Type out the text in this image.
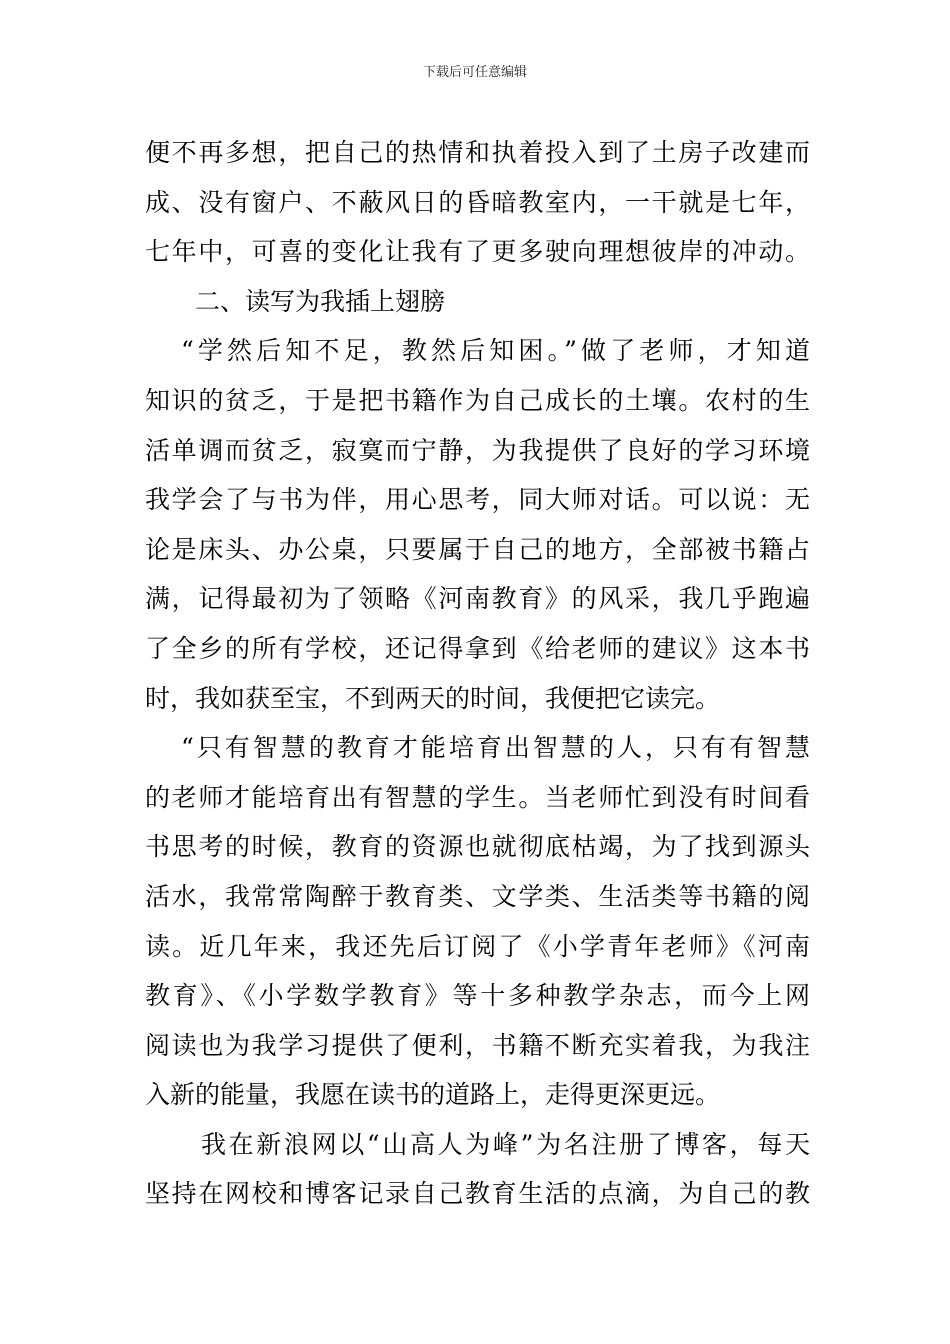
下载后可任意编辑
便不再多想，把自己的热情和执着投入到了土房子改建而
成、没有窗户、不蔽风日的昏暗教室内，一干就是七年，
七年中，可喜的变化让我有了更多驶向理想彼岸的冲动。
二、读写为我插上翅膀
“学然后知不足，教然后知困。”做了老师，才知道
知识的贫乏，于是把书籍作为自己成长的土壤。农村的生
活单调而贫乏，寂寞而宁静，为我提供了良好的学习环境
我学会了与书为伴，用心思考，同大师对话。可以说：无
论是床头、办公桌，只要属于自己的地方，全部被书籍占
满，记得最初为了领略《河南教育》的风采，我几乎跑遍
了全乡的所有学校，还记得拿到《给老师的建议》这本书
时，我如获至宝，不到两天的时间，我便把它读完。
“只有智慧的教育才能培育出智慧的人，只有有智慧
的老师才能培育出有智慧的学生。当老师忙到没有时间看
书思考的时候，教育的资源也就彻底枯竭，为了找到源头
活水，我常常陶醉于教育类、文学类、生活类等书籍的阅
读。近几年来，我还先后订阅了《小学青年老师》《河南
教育》、《小学数学教育》等十多种教学杂志，而今上网
阅读也为我学习提供了便利，书籍不断充实着我，为我注
入新的能量，我愿在读书的道路上，走得更深更远。
我在新浪网以“山高人为峰”为名注册了博客，每天
坚持在网校和博客记录自己教育生活的点滴，为自己的教
